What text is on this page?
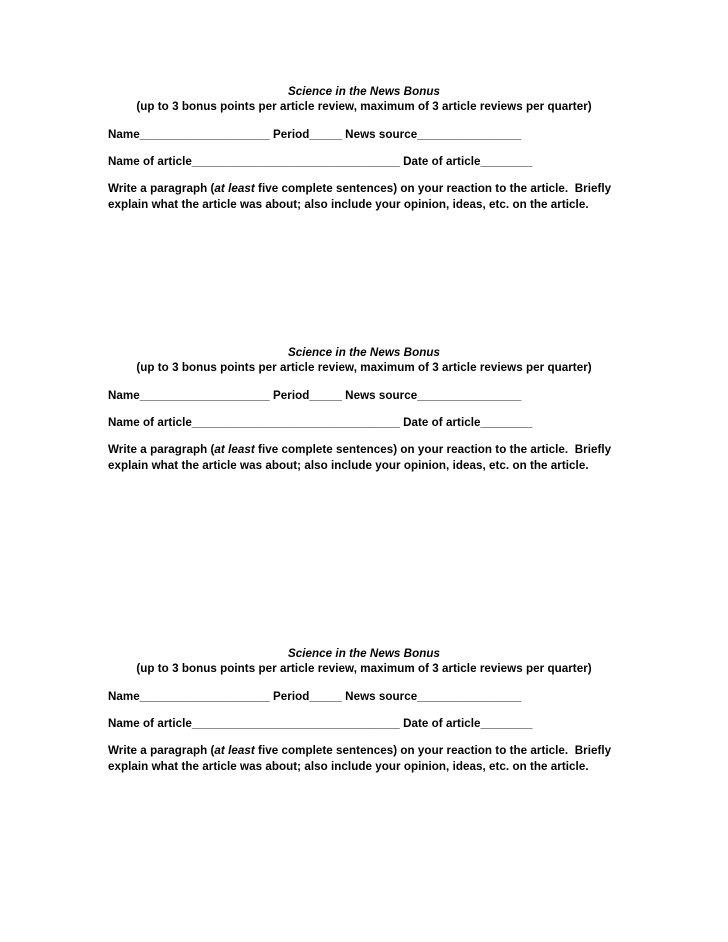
Science in the News Bonus
(up to 3 bonus points per article review, maximum of 3 article reviews per quarter)
Name____________________ Period_____ News source________________
Name of article________________________________ Date of article________
Write a paragraph (at least five complete sentences) on your reaction to the article.  Briefly
explain what the article was about; also include your opinion, ideas, etc. on the article.
Science in the News Bonus
(up to 3 bonus points per article review, maximum of 3 article reviews per quarter)
Name____________________ Period_____ News source________________
Name of article________________________________ Date of article________
Write a paragraph (at least five complete sentences) on your reaction to the article.  Briefly
explain what the article was about; also include your opinion, ideas, etc. on the article.
Science in the News Bonus
(up to 3 bonus points per article review, maximum of 3 article reviews per quarter)
Name____________________ Period_____ News source________________
Name of article________________________________ Date of article________
Write a paragraph (at least five complete sentences) on your reaction to the article.  Briefly
explain what the article was about; also include your opinion, ideas, etc. on the article.
